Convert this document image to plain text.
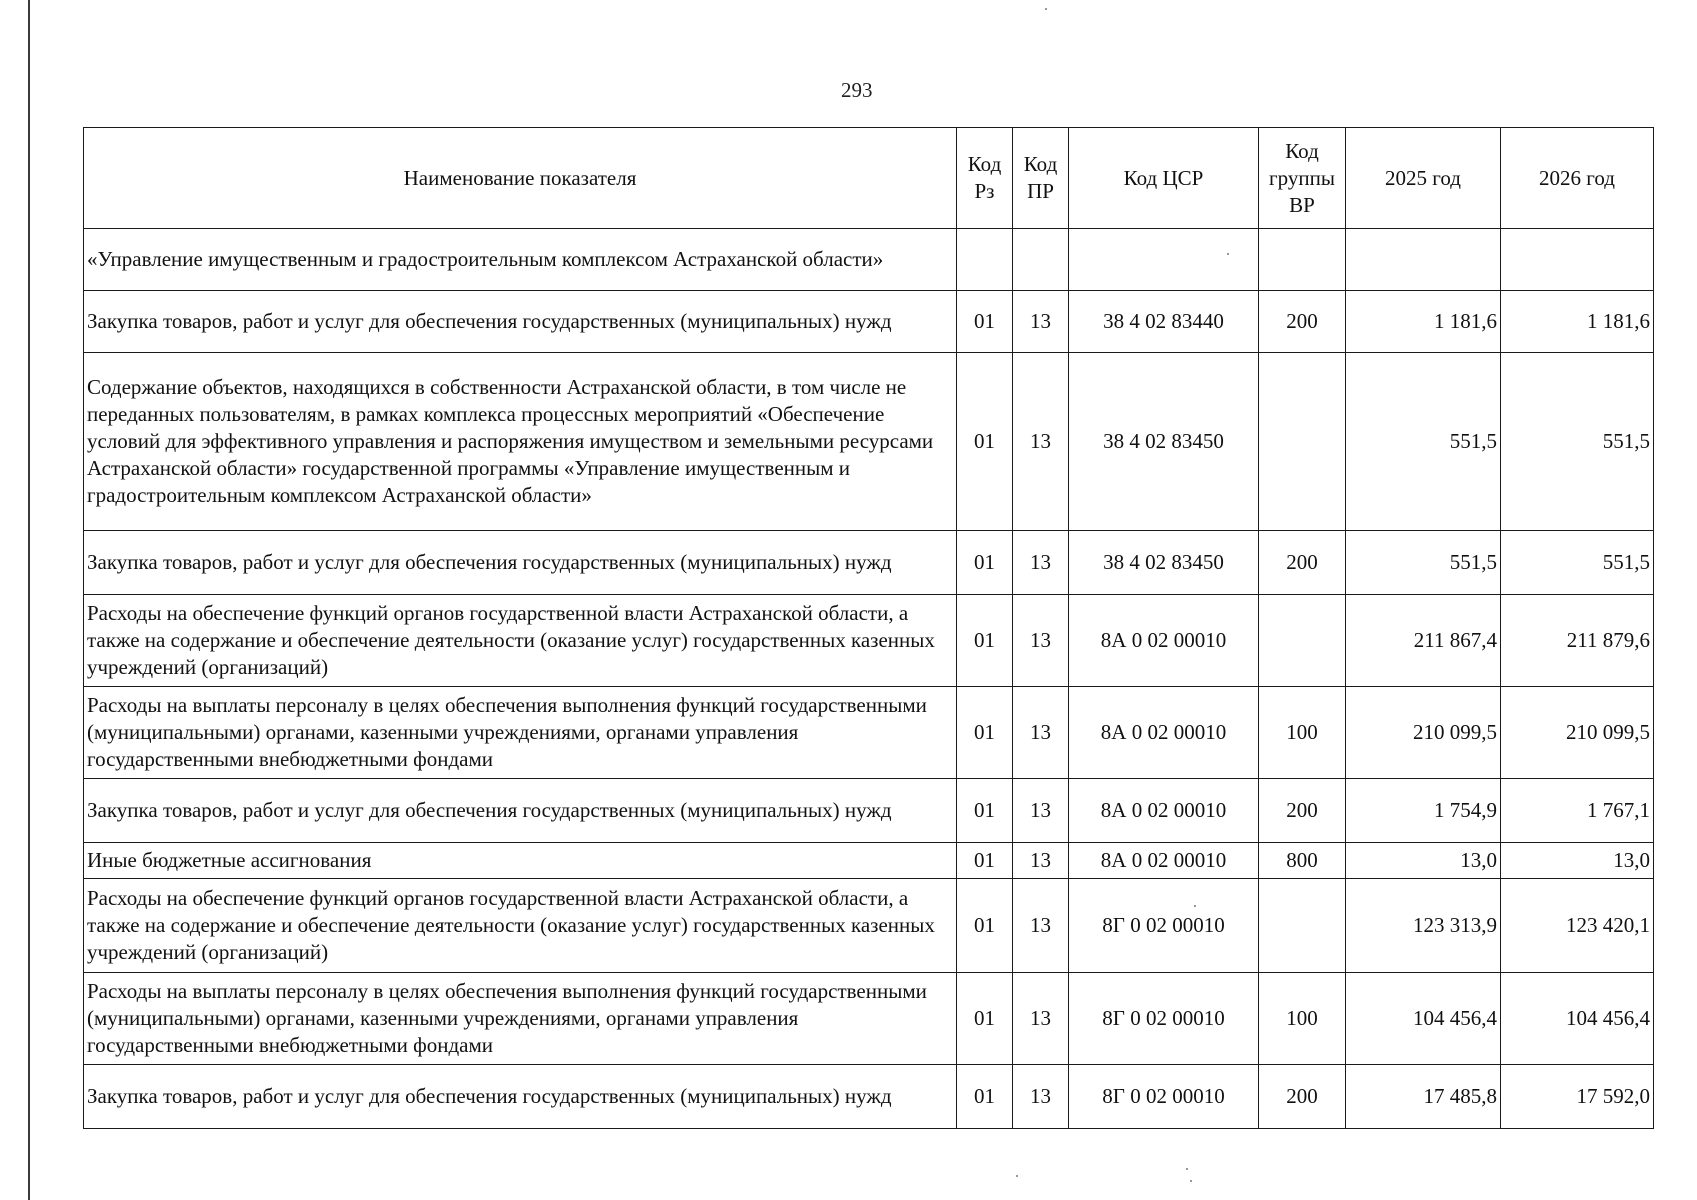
293
Наименование показателя	Код Рз	Код ПР	Код ЦСР	Код группы ВР	2025 год	2026 год
«Управление имущественным и градостроительным комплексом Астраханской области»						
Закупка товаров, работ и услуг для обеспечения государственных (муниципальных) нужд	01	13	38 4 02 83440	200	1 181,6	1 181,6
Содержание объектов, находящихся в собственности Астраханской области, в том числе не переданных пользователям, в рамках комплекса процессных мероприятий «Обеспечение условий для эффективного управления и распоряжения имуществом и земельными ресурсами Астраханской области» государственной программы «Управление имущественным и градостроительным комплексом Астраханской области»	01	13	38 4 02 83450		551,5	551,5
Закупка товаров, работ и услуг для обеспечения государственных (муниципальных) нужд	01	13	38 4 02 83450	200	551,5	551,5
Расходы на обеспечение функций органов государственной власти Астраханской области, а также на содержание и обеспечение деятельности (оказание услуг) государственных казенных учреждений (организаций)	01	13	8А 0 02 00010		211 867,4	211 879,6
Расходы на выплаты персоналу в целях обеспечения выполнения функций государственными (муниципальными) органами, казенными учреждениями, органами управления государственными внебюджетными фондами	01	13	8А 0 02 00010	100	210 099,5	210 099,5
Закупка товаров, работ и услуг для обеспечения государственных (муниципальных) нужд	01	13	8А 0 02 00010	200	1 754,9	1 767,1
Иные бюджетные ассигнования	01	13	8А 0 02 00010	800	13,0	13,0
Расходы на обеспечение функций органов государственной власти Астраханской области, а также на содержание и обеспечение деятельности (оказание услуг) государственных казенных учреждений (организаций)	01	13	8Г 0 02 00010		123 313,9	123 420,1
Расходы на выплаты персоналу в целях обеспечения выполнения функций государственными (муниципальными) органами, казенными учреждениями, органами управления государственными внебюджетными фондами	01	13	8Г 0 02 00010	100	104 456,4	104 456,4
Закупка товаров, работ и услуг для обеспечения государственных (муниципальных) нужд	01	13	8Г 0 02 00010	200	17 485,8	17 592,0
